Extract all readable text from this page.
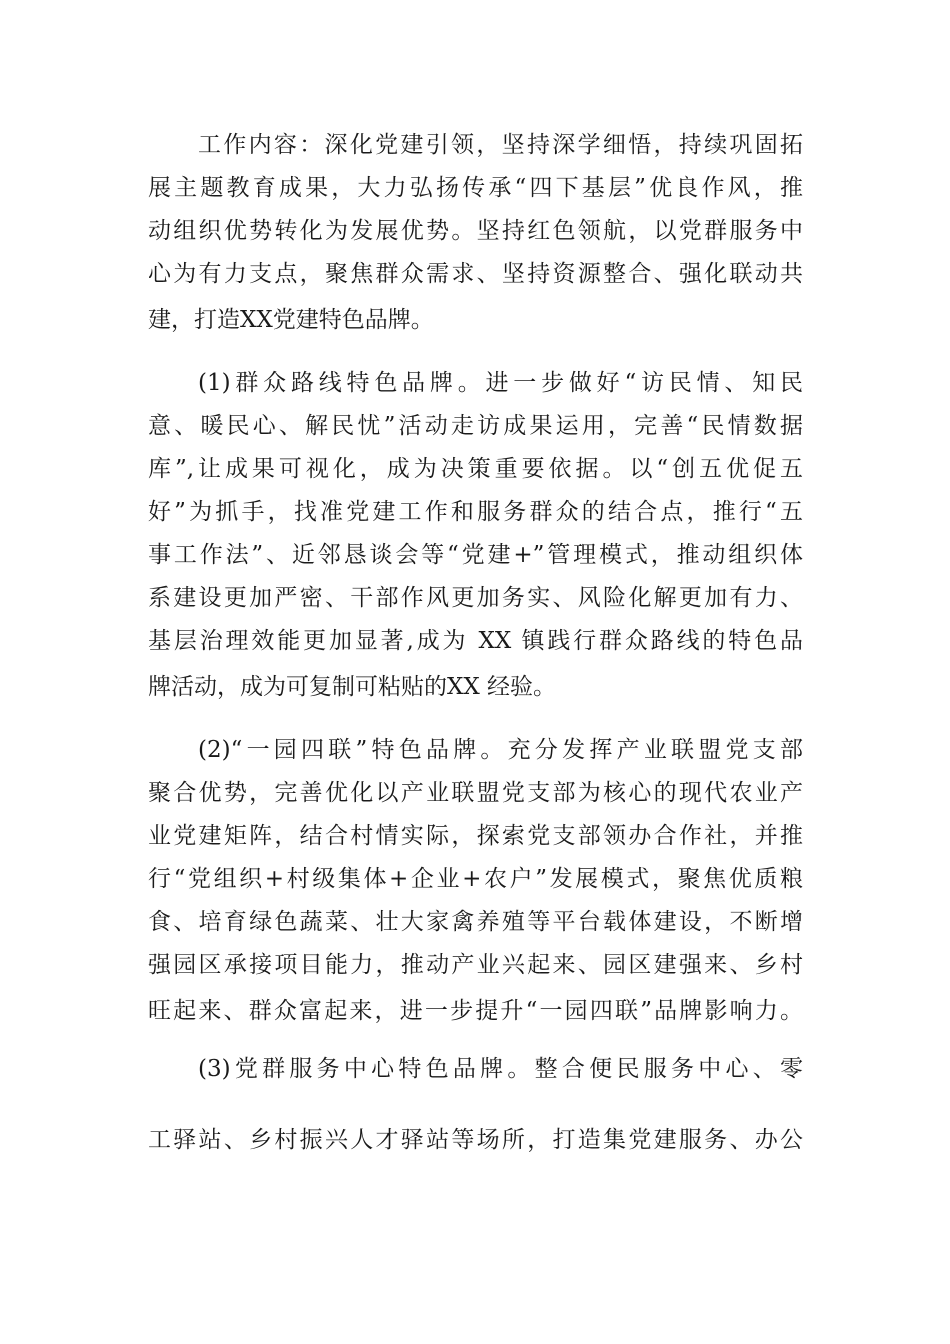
工作内容：深化党建引领，坚持深学细悟，持续巩固拓
展主题教育成果，大力弘扬传承“四下基层”优良作风，推
动组织优势转化为发展优势。坚持红色领航，以党群服务中
心为有力支点，聚焦群众需求、坚持资源整合、强化联动共
建，打造XX党建特色品牌。
(1)群众路线特色品牌。进一步做好“访民情、知民
意、暖民心、解民忧”活动走访成果运用，完善“民情数据
库”,让成果可视化，成为决策重要依据。以“创五优促五
好”为抓手，找准党建工作和服务群众的结合点，推行“五
事工作法”、近邻恳谈会等“党建+”管理模式，推动组织体
系建设更加严密、干部作风更加务实、风险化解更加有力、
基层治理效能更加显著,成为 XX 镇践行群众路线的特色品
牌活动，成为可复制可粘贴的XX 经验。
(2)“一园四联”特色品牌。充分发挥产业联盟党支部
聚合优势，完善优化以产业联盟党支部为核心的现代农业产
业党建矩阵，结合村情实际，探索党支部领办合作社，并推
行“党组织+村级集体+企业+农户”发展模式，聚焦优质粮
食、培育绿色蔬菜、壮大家禽养殖等平台载体建设，不断增
强园区承接项目能力，推动产业兴起来、园区建强来、乡村
旺起来、群众富起来，进一步提升“一园四联”品牌影响力。
(3)党群服务中心特色品牌。整合便民服务中心、零
工驿站、乡村振兴人才驿站等场所，打造集党建服务、办公
